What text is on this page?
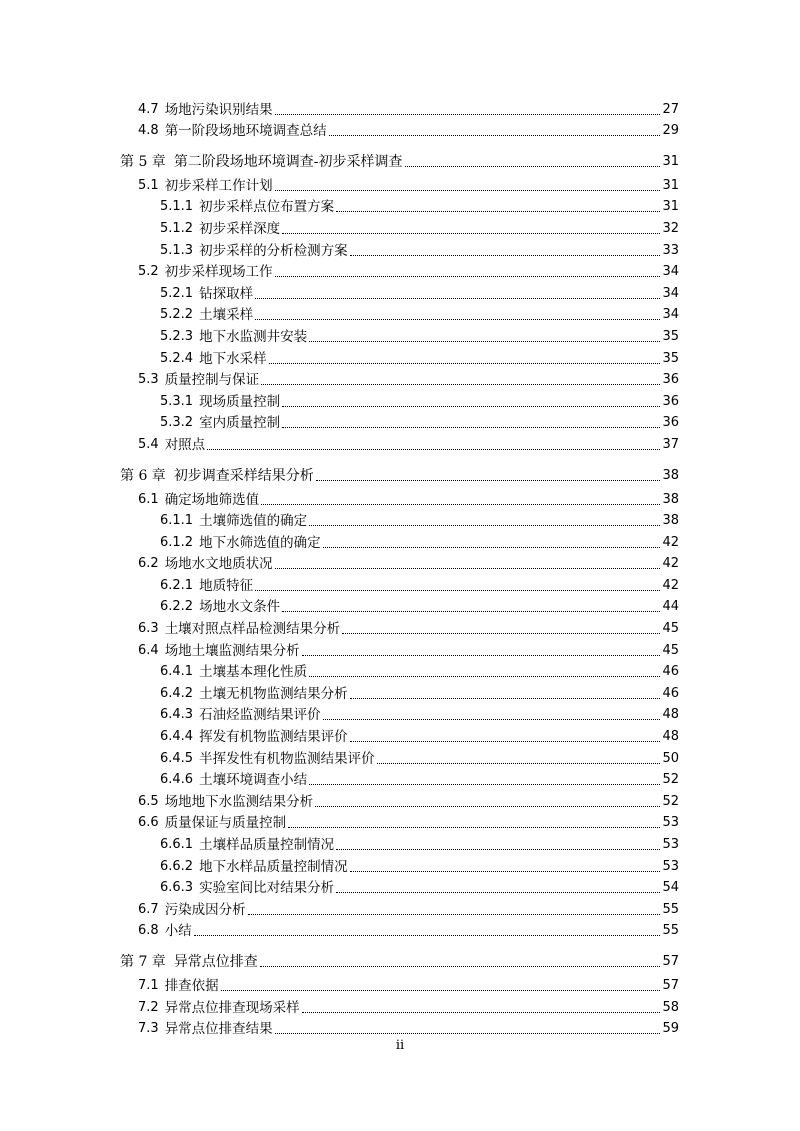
4.7 场地污染识别结果	27
4.8 第一阶段场地环境调查总结	29
第 5 章 第二阶段场地环境调查-初步采样调查	31
5.1 初步采样工作计划	31
5.1.1 初步采样点位布置方案	31
5.1.2 初步采样深度	32
5.1.3 初步采样的分析检测方案	33
5.2 初步采样现场工作	34
5.2.1 钻探取样	34
5.2.2 土壤采样	34
5.2.3 地下水监测井安装	35
5.2.4 地下水采样	35
5.3 质量控制与保证	36
5.3.1 现场质量控制	36
5.3.2 室内质量控制	36
5.4 对照点	37
第 6 章 初步调查采样结果分析	38
6.1 确定场地筛选值	38
6.1.1 土壤筛选值的确定	38
6.1.2 地下水筛选值的确定	42
6.2 场地水文地质状况	42
6.2.1 地质特征	42
6.2.2 场地水文条件	44
6.3 土壤对照点样品检测结果分析	45
6.4 场地土壤监测结果分析	45
6.4.1 土壤基本理化性质	46
6.4.2 土壤无机物监测结果分析	46
6.4.3 石油烃监测结果评价	48
6.4.4 挥发有机物监测结果评价	48
6.4.5 半挥发性有机物监测结果评价	50
6.4.6 土壤环境调查小结	52
6.5 场地地下水监测结果分析	52
6.6 质量保证与质量控制	53
6.6.1 土壤样品质量控制情况	53
6.6.2 地下水样品质量控制情况	53
6.6.3 实验室间比对结果分析	54
6.7 污染成因分析	55
6.8 小结	55
第 7 章 异常点位排查	57
7.1 排查依据	57
7.2 异常点位排查现场采样	58
7.3 异常点位排查结果	59
ii
